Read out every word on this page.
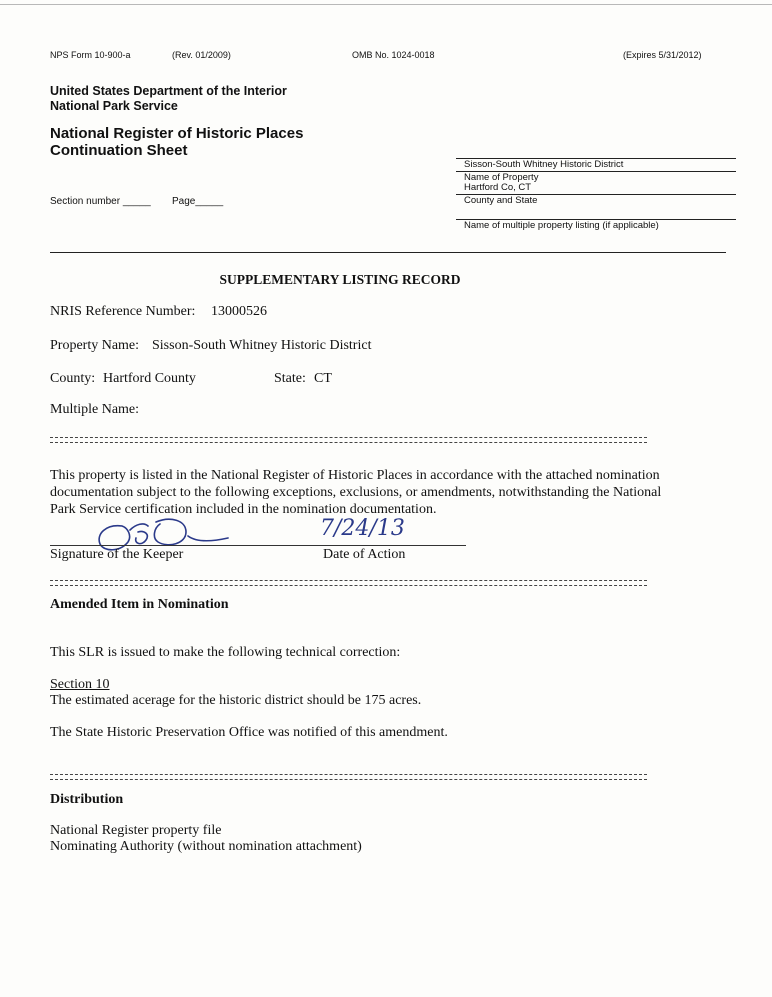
NPS Form 10-900-a	(Rev. 01/2009)	OMB No. 1024-0018	(Expires 5/31/2012)
United States Department of the Interior
National Park Service
National Register of Historic Places
Continuation Sheet
Section number _____ Page_____
Sisson-South Whitney Historic District
Name of Property
Hartford Co, CT
County and State
Name of multiple property listing (if applicable)
SUPPLEMENTARY LISTING RECORD
NRIS Reference Number: 13000526
Property Name: Sisson-South Whitney Historic District
County: Hartford County	State: CT
Multiple Name:
This property is listed in the National Register of Historic Places in accordance with the attached nomination documentation subject to the following exceptions, exclusions, or amendments, notwithstanding the National Park Service certification included in the nomination documentation.
7/24/13
Signature of the Keeper	Date of Action
Amended Item in Nomination
This SLR is issued to make the following technical correction:
Section 10
The estimated acerage for the historic district should be 175 acres.
The State Historic Preservation Office was notified of this amendment.
Distribution
National Register property file
Nominating Authority (without nomination attachment)
